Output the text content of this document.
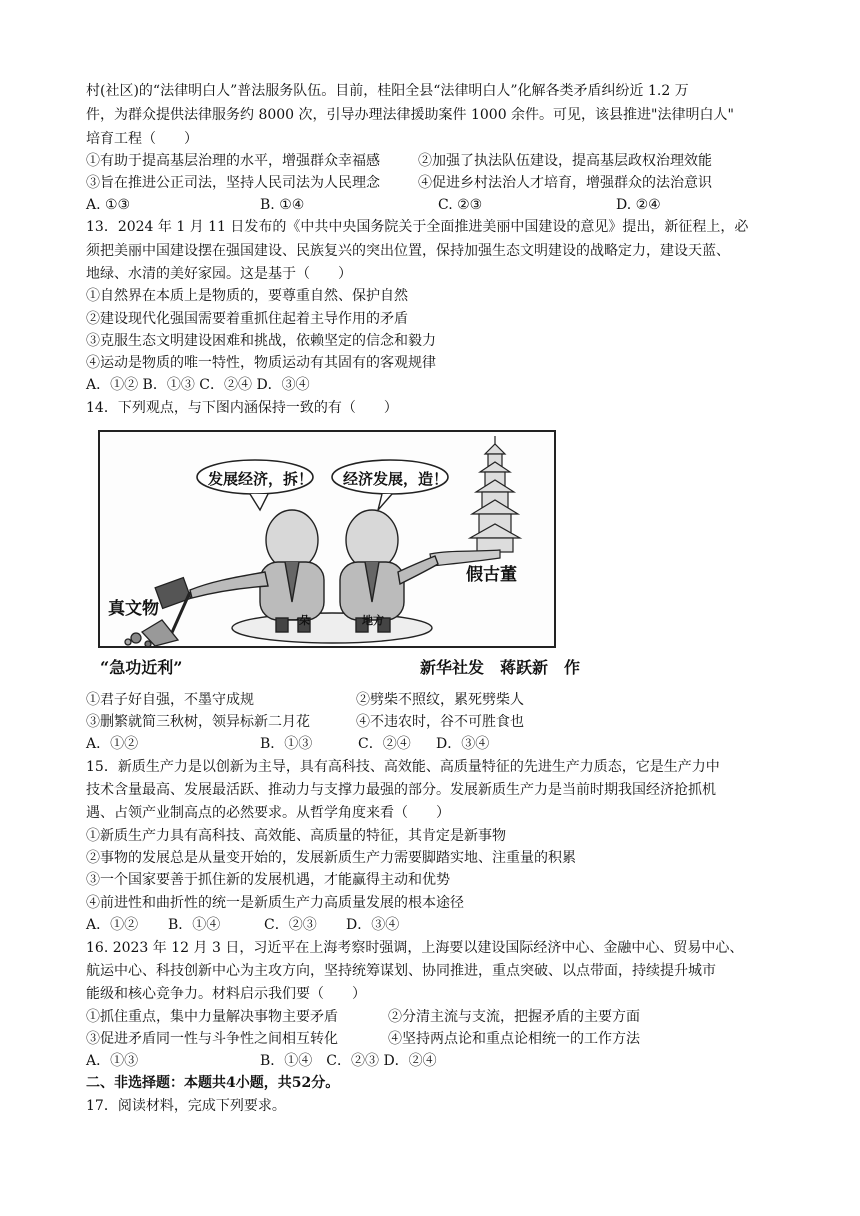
村(社区)的“法律明白人”普法服务队伍。目前，桂阳全县“法律明白人”化解各类矛盾纠纷近 1.2 万
件，为群众提供法律服务约 8000 次，引导办理法律援助案件 1000 余件。可见，该县推进"法律明白人"
培育工程（　　）
①有助于提高基层治理的水平，增强群众幸福感	②加强了执法队伍建设，提高基层政权治理效能
③旨在推进公正司法，坚持人民司法为人民理念	④促进乡村法治人才培育，增强群众的法治意识
A. ①③	B. ①④	C. ②③	D. ②④
13．2024 年 1 月 11 日发布的《中共中央国务院关于全面推进美丽中国建设的意见》提出，新征程上，必
须把美丽中国建设摆在强国建设、民族复兴的突出位置，保持加强生态文明建设的战略定力，建设天蓝、
地绿、水清的美好家园。这是基于（　　）
①自然界在本质上是物质的，要尊重自然、保护自然
②建设现代化强国需要着重抓住起着主导作用的矛盾
③克服生态文明建设困难和挑战，依赖坚定的信念和毅力
④运动是物质的唯一特性，物质运动有其固有的客观规律
A．①② B．①③ C．②④ D．③④
14．下列观点，与下图内涵保持一致的有（　　）
发展经济，拆！ 经济发展，造！
真文物
假古董
一朵	地方
“急功近利”	新华社发　蒋跃新　作
①君子好自强，不墨守成规	②劈柴不照纹，累死劈柴人
③删繁就简三秋树，领异标新二月花	④不违农时，谷不可胜食也
A．①②	B．①③	C．②④ D．③④
15．新质生产力是以创新为主导，具有高科技、高效能、高质量特征的先进生产力质态，它是生产力中
技术含量最高、发展最活跃、推动力与支撑力最强的部分。发展新质生产力是当前时期我国经济抢抓机
遇、占领产业制高点的必然要求。从哲学角度来看（　　）
①新质生产力具有高科技、高效能、高质量的特征，其肯定是新事物
②事物的发展总是从量变开始的，发展新质生产力需要脚踏实地、注重量的积累
③一个国家要善于抓住新的发展机遇，才能赢得主动和优势
④前进性和曲折性的统一是新质生产力高质量发展的根本途径
A．①② B．①④	C．②③ D．③④
16. 2023 年 12 月 3 日，习近平在上海考察时强调，上海要以建设国际经济中心、金融中心、贸易中心、
航运中心、科技创新中心为主攻方向，坚持统筹谋划、协同推进，重点突破、以点带面，持续提升城市
能级和核心竞争力。材料启示我们要（　　）
①抓住重点，集中力量解决事物主要矛盾	②分清主流与支流，把握矛盾的主要方面
③促进矛盾同一性与斗争性之间相互转化	④坚持两点论和重点论相统一的工作方法
A．①③	B．①④　C．②③ D．②④
二、非选择题：本题共4小题，共52分。
17．阅读材料，完成下列要求。
